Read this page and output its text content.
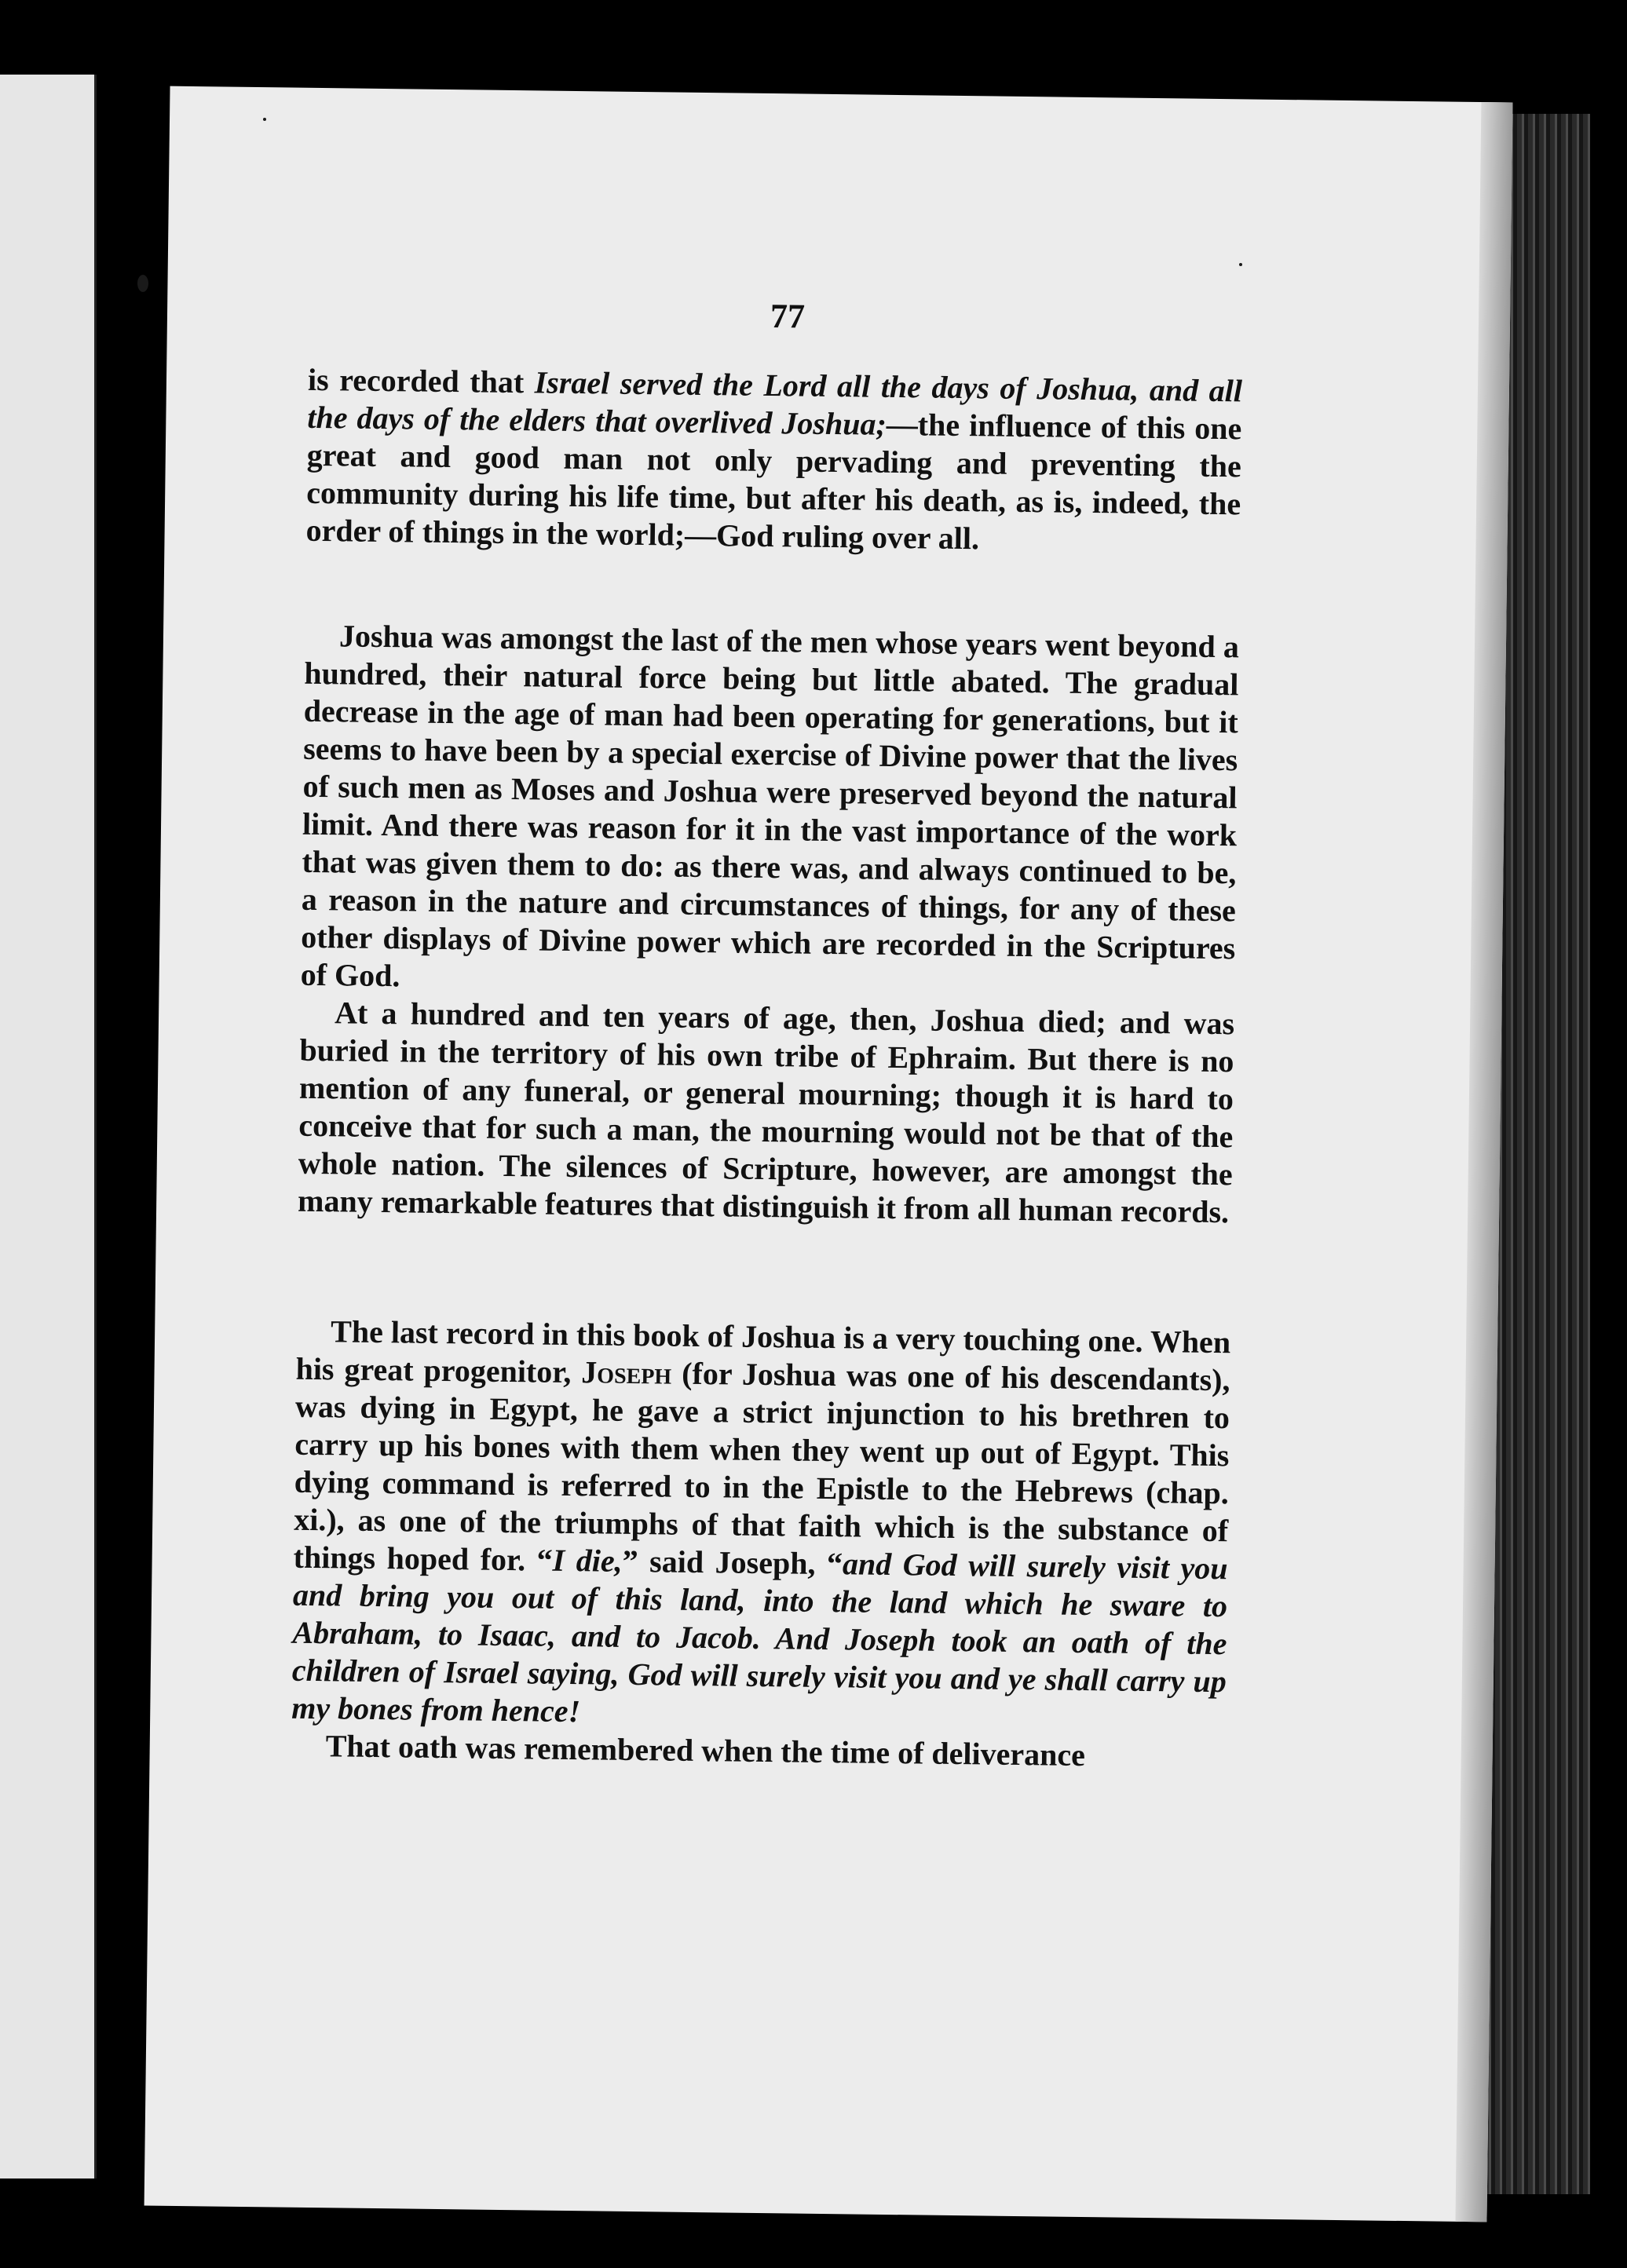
77

is recorded that Israel served the Lord all the days of Joshua, and all the days of the elders that overlived Joshua;—the influence of this one great and good man not only pervading and preventing the community during his life time, but after his death, as is, indeed, the order of things in the world;—God ruling over all.

Joshua was amongst the last of the men whose years went beyond a hundred, their natural force being but little abated. The gradual decrease in the age of man had been operating for generations, but it seems to have been by a special exercise of Divine power that the lives of such men as Moses and Joshua were preserved beyond the natural limit. And there was reason for it in the vast importance of the work that was given them to do: as there was, and always continued to be, a reason in the nature and circumstances of things, for any of these other displays of Divine power which are recorded in the Scriptures of God.

At a hundred and ten years of age, then, Joshua died; and was buried in the territory of his own tribe of Ephraim. But there is no mention of any funeral, or general mourning; though it is hard to conceive that for such a man, the mourning would not be that of the whole nation. The silences of Scripture, however, are amongst the many remarkable features that distinguish it from all human records.

The last record in this book of Joshua is a very touching one. When his great progenitor, Joseph (for Joshua was one of his descendants), was dying in Egypt, he gave a strict injunction to his brethren to carry up his bones with them when they went up out of Egypt. This dying command is referred to in the Epistle to the Hebrews (chap. xi.), as one of the triumphs of that faith which is the substance of things hoped for. “I die,” said Joseph, “and God will surely visit you and bring you out of this land, into the land which he sware to Abraham, to Isaac, and to Jacob. And Joseph took an oath of the children of Israel saying, God will surely visit you and ye shall carry up my bones from hence!

That oath was remembered when the time of deliverance
